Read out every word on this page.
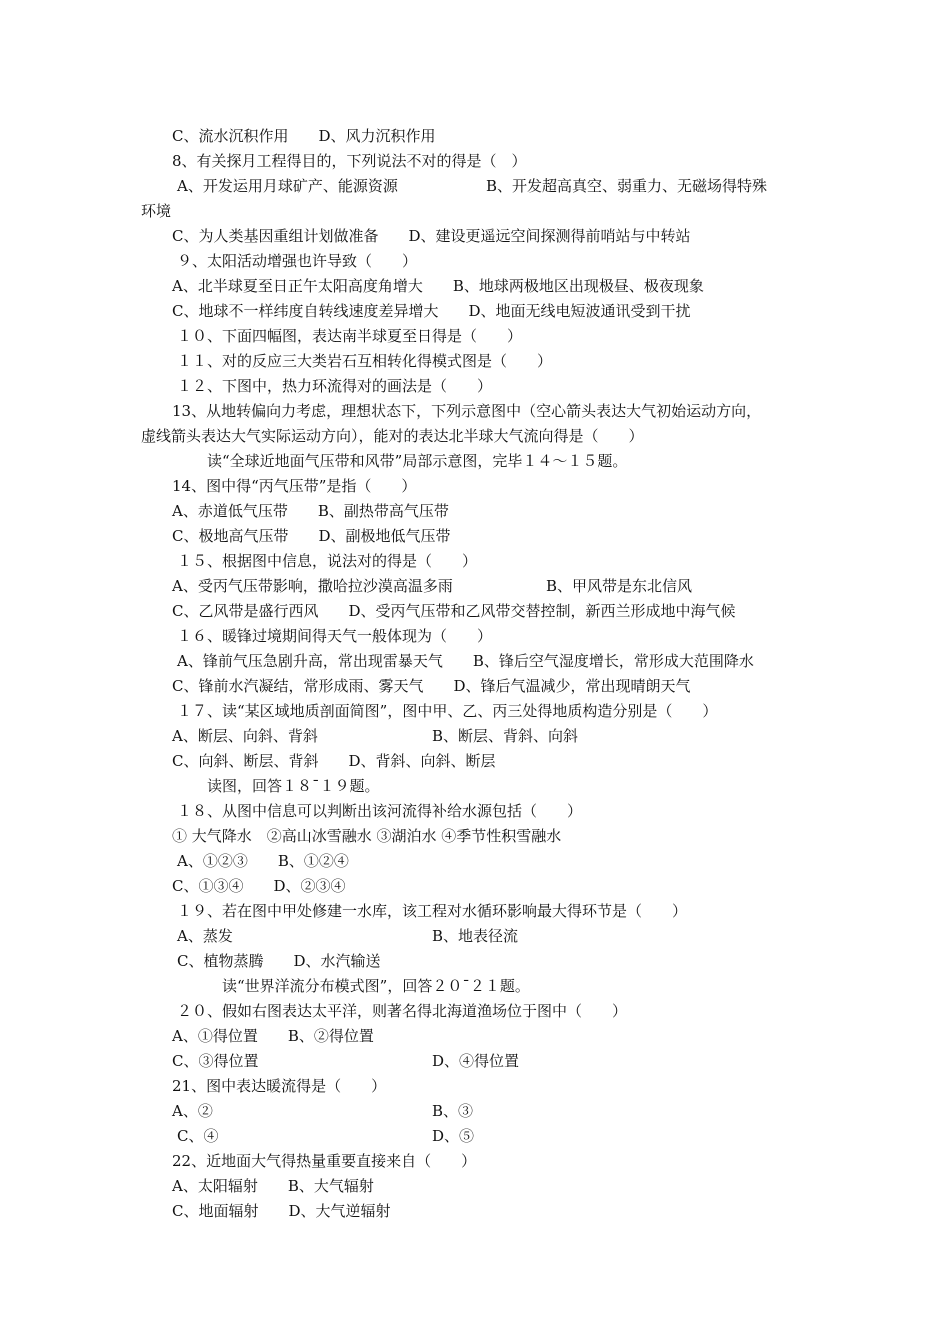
C、流水沉积作用　　D、风力沉积作用
8、有关探月工程得目的，下列说法不对的得是（　）
A、开发运用月球矿产、能源资源	B、开发超高真空、弱重力、无磁场得特殊
环境
C、为人类基因重组计划做准备　　D、建设更遥远空间探测得前哨站与中转站
９、太阳活动增强也许导致（　　）
A、北半球夏至日正午太阳高度角增大　　B、地球两极地区出现极昼、极夜现象
C、地球不一样纬度自转线速度差异增大　　D、地面无线电短波通讯受到干扰
１０、下面四幅图，表达南半球夏至日得是（　　）
１１、对的反应三大类岩石互相转化得模式图是（　　）
１２、下图中，热力环流得对的画法是（　　）
13、从地转偏向力考虑，理想状态下，下列示意图中（空心箭头表达大气初始运动方向，
虚线箭头表达大气实际运动方向），能对的表达北半球大气流向得是（　　）
读“全球近地面气压带和风带”局部示意图，完毕１４～１５题。
14、图中得“丙气压带”是指（　　）
A、赤道低气压带　　B、副热带高气压带
C、极地高气压带　　D、副极地低气压带
１５、根据图中信息，说法对的得是（　　）
A、受丙气压带影响，撒哈拉沙漠高温多雨	B、甲风带是东北信风
C、乙风带是盛行西风　　D、受丙气压带和乙风带交替控制，新西兰形成地中海气候
１６、暖锋过境期间得天气一般体现为（　　）
A、锋前气压急剧升高，常出现雷暴天气　　B、锋后空气湿度增长，常形成大范围降水
C、锋前水汽凝结，常形成雨、雾天气　　D、锋后气温减少，常出现晴朗天气
１７、读“某区域地质剖面简图”，图中甲、乙、丙三处得地质构造分别是（　　）
A、断层、向斜、背斜	B、断层、背斜、向斜
C、向斜、断层、背斜　　D、背斜、向斜、断层
读图，回答１８¯１９题。
１８、从图中信息可以判断出该河流得补给水源包括（　　）
① 大气降水　②高山冰雪融水 ③湖泊水 ④季节性积雪融水
A、①②③　　B、①②④
C、①③④　　D、②③④
１９、若在图中甲处修建一水库，该工程对水循环影响最大得环节是（　　）
A、蒸发	B、地表径流
C、植物蒸腾　　D、水汽输送
读“世界洋流分布模式图”，回答２０¯２１题。
２０、假如右图表达太平洋，则著名得北海道渔场位于图中（　　）
A、①得位置　　B、②得位置
C、③得位置	D、④得位置
21、图中表达暖流得是（　　）
A、②	B、③
C、④	D、⑤
22、近地面大气得热量重要直接来自（　　）
A、太阳辐射　　B、大气辐射
C、地面辐射　　D、大气逆辐射
